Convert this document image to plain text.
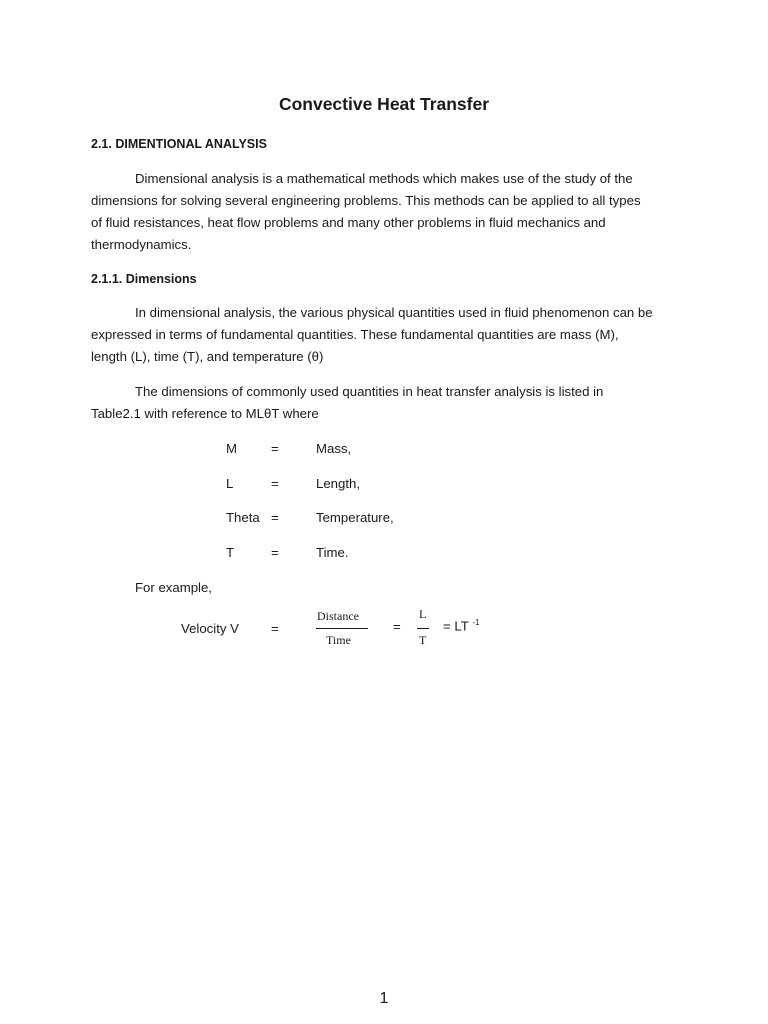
Convective Heat Transfer
2.1. DIMENTIONAL ANALYSIS
Dimensional analysis is a mathematical methods which makes use of the study of the
dimensions for solving several engineering problems. This methods can be applied to all types
of fluid resistances, heat flow problems and many other problems in fluid mechanics and
thermodynamics.
2.1.1. Dimensions
In dimensional analysis, the various physical quantities used in fluid phenomenon can be
expressed in terms of fundamental quantities. These fundamental quantities are mass (M),
length (L), time (T), and temperature (θ)
The dimensions of commonly used quantities in heat transfer analysis is listed in
Table2.1 with reference to MLθT where
M	=	Mass,
L	=	Length,
Theta =	Temperature,
T	=	Time.
For example,
Velocity V =
Distance
Time
=
L
T
= LT $^{-1}$
1
